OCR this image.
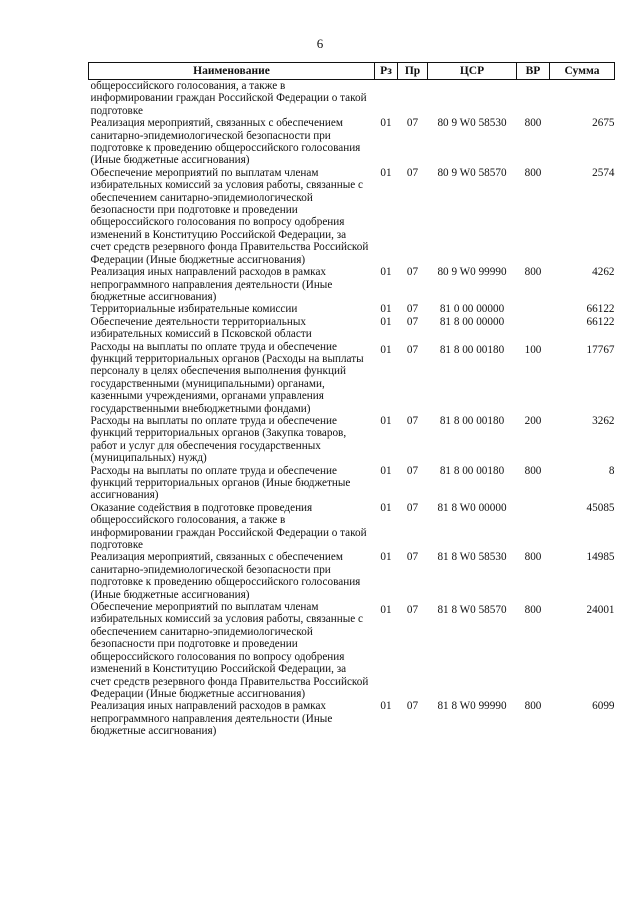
6
Наименование	Рз	Пр	ЦСР	ВР	Сумма
общероссийского голосования, а также в информировании граждан Российской Федерации о такой подготовке					
Реализация мероприятий, связанных с обеспечением санитарно-эпидемиологической безопасности при подготовке к проведению общероссийского голосования (Иные бюджетные ассигнования)	01	07	80 9 W0 58530	800	2675
Обеспечение мероприятий по выплатам членам избирательных комиссий за условия работы, связанные с обеспечением санитарно-эпидемиологической безопасности при подготовке и проведении общероссийского голосования по вопросу одобрения изменений в Конституцию Российской Федерации, за счет средств резервного фонда Правительства Российской Федерации (Иные бюджетные ассигнования)	01	07	80 9 W0 58570	800	2574
Реализация иных направлений расходов в рамках непрограммного направления деятельности (Иные бюджетные ассигнования)	01	07	80 9 W0 99990	800	4262
Территориальные избирательные комиссии	01	07	81 0 00 00000		66122
Обеспечение деятельности территориальных избирательных комиссий в Псковской области	01	07	81 8 00 00000		66122
Расходы на выплаты по оплате труда и обеспечение функций территориальных органов (Расходы на выплаты персоналу в целях обеспечения выполнения функций государственными (муниципальными) органами, казенными учреждениями, органами управления государственными внебюджетными фондами)	01	07	81 8 00 00180	100	17767
Расходы на выплаты по оплате труда и обеспечение функций территориальных органов (Закупка товаров, работ и услуг для обеспечения государственных (муниципальных) нужд)	01	07	81 8 00 00180	200	3262
Расходы на выплаты по оплате труда и обеспечение функций территориальных органов (Иные бюджетные ассигнования)	01	07	81 8 00 00180	800	8
Оказание содействия в подготовке проведения общероссийского голосования, а также в информировании граждан Российской Федерации о такой подготовке	01	07	81 8 W0 00000		45085
Реализация мероприятий, связанных с обеспечением санитарно-эпидемиологической безопасности при подготовке к проведению общероссийского голосования (Иные бюджетные ассигнования)	01	07	81 8 W0 58530	800	14985
Обеспечение мероприятий по выплатам членам избирательных комиссий за условия работы, связанные с обеспечением санитарно-эпидемиологической безопасности при подготовке и проведении общероссийского голосования по вопросу одобрения изменений в Конституцию Российской Федерации, за счет средств резервного фонда Правительства Российской Федерации (Иные бюджетные ассигнования)	01	07	81 8 W0 58570	800	24001
Реализация иных направлений расходов в рамках непрограммного направления деятельности (Иные бюджетные ассигнования)	01	07	81 8 W0 99990	800	6099
